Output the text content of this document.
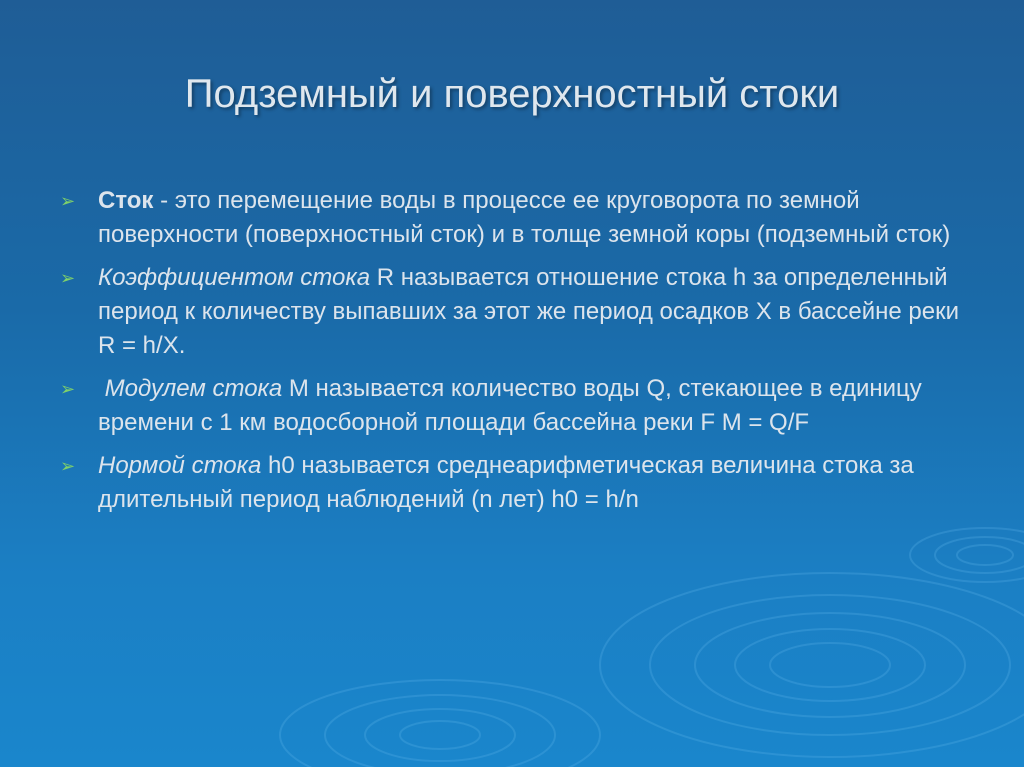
Подземный и поверхностный стоки
➢ Сток - это перемещение воды в процессе ее круговорота по земной поверхности (поверхностный сток) и в толще земной коры (подземный сток)
➢ Коэффициентом стока R называется отношение стока h за определенный период к количеству выпавших за этот же период осадков X в бассейне реки R = h/X.
➢ Модулем стока M называется количество воды Q, стекающее в единицу времени с 1 км водосборной площади бассейна реки F M = Q/F
➢ Нормой стока h0 называется среднеарифметическая величина стока за длительный период наблюдений (n лет) h0 = h/n
